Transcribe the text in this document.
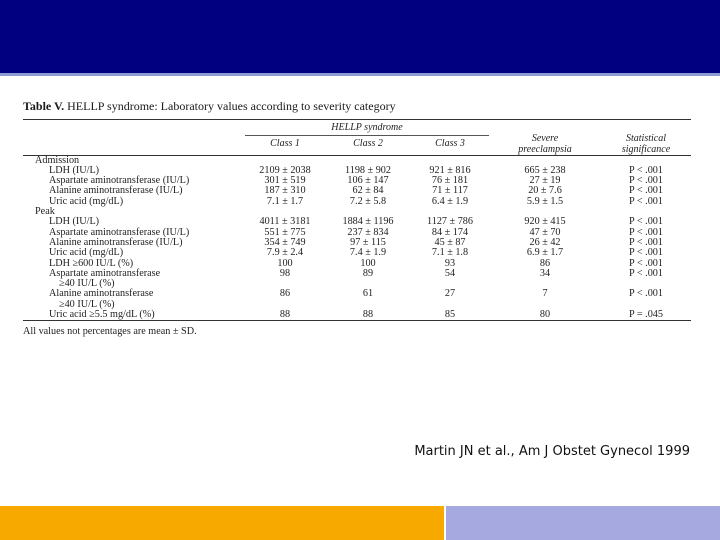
Table V. HELLP syndrome: Laboratory values according to severity category
	HELLP syndrome			Severe
preeclampsia	Statistical
significance
	Class 1	Class 2	Class 3		
Admission					
LDH (IU/L)	2109 ± 2038	1198 ± 902	921 ± 816	665 ± 238	P < .001
Aspartate aminotransferase (IU/L)	301 ± 519	106 ± 147	76 ± 181	27 ± 19	P < .001
Alanine aminotransferase (IU/L)	187 ± 310	62 ± 84	71 ± 117	20 ± 7.6	P < .001
Uric acid (mg/dL)	7.1 ± 1.7	7.2 ± 5.8	6.4 ± 1.9	5.9 ± 1.5	P < .001
Peak					
LDH (IU/L)	4011 ± 3181	1884 ± 1196	1127 ± 786	920 ± 415	P < .001
Aspartate aminotransferase (IU/L)	551 ± 775	237 ± 834	84 ± 174	47 ± 70	P < .001
Alanine aminotransferase (IU/L)	354 ± 749	97 ± 115	45 ± 87	26 ± 42	P < .001
Uric acid (mg/dL)	7.9 ± 2.4	7.4 ± 1.9	7.1 ± 1.8	6.9 ± 1.7	P < .001
LDH ≥600 IU/L (%)	100	100	93	86	P < .001
Aspartate aminotransferase	98	89	54	34	P < .001
≥40 IU/L (%)					
Alanine aminotransferase	86	61	27	7	P < .001
≥40 IU/L (%)					
Uric acid ≥5.5 mg/dL (%)	88	88	85	80	P = .045
All values not percentages are mean ± SD.
Martin JN et al., Am J Obstet Gynecol 1999
